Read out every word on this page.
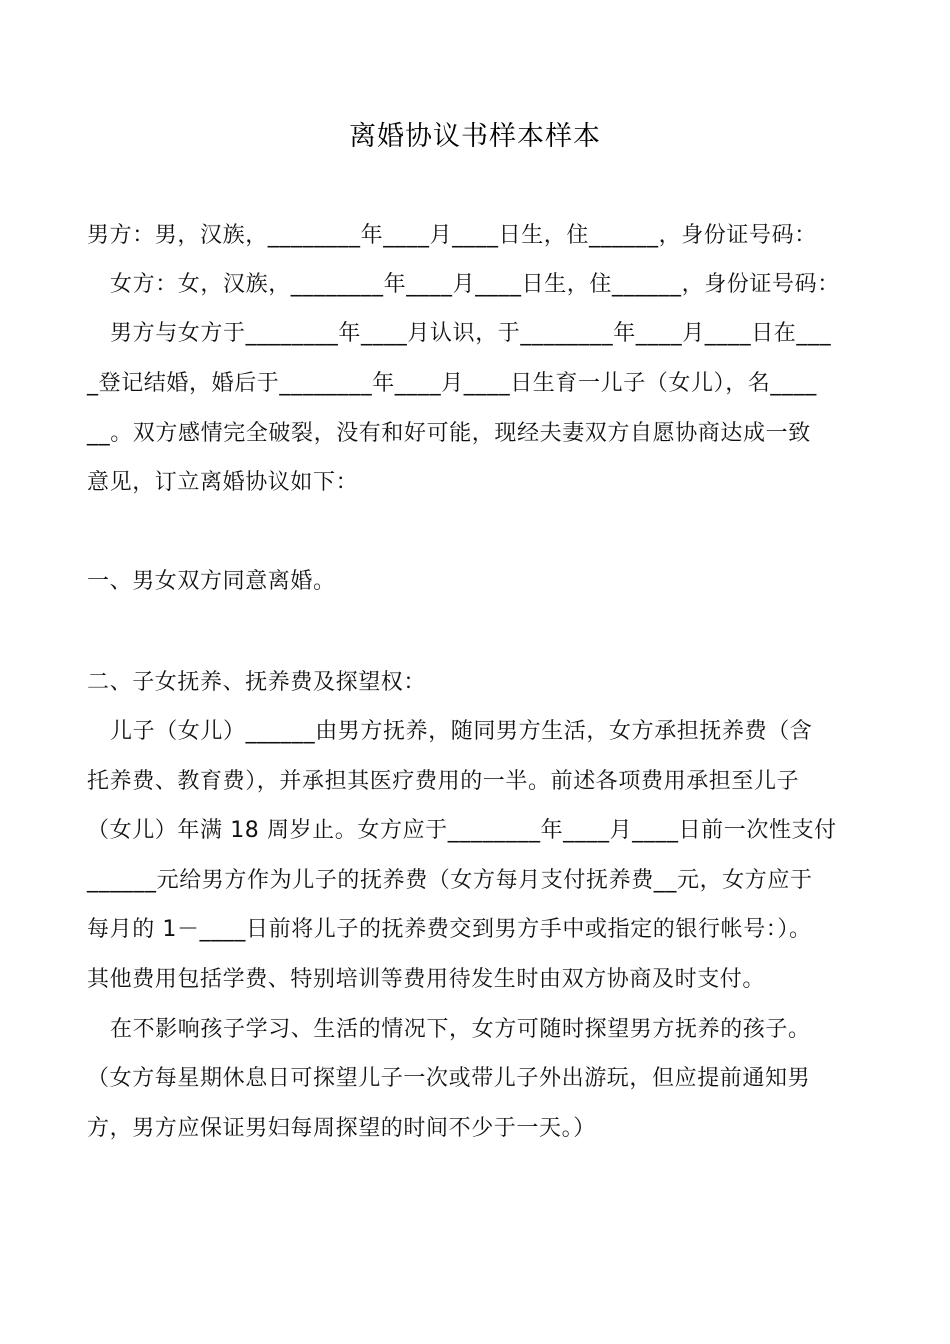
离婚协议书样本样本
男方：男，汉族，________年____月____日生，住______，身份证号码：
女方：女，汉族，________年____月____日生，住______，身份证号码：
男方与女方于________年____月认识，于________年____月____日在___
_登记结婚，婚后于________年____月____日生育一儿子（女儿），名____
__。双方感情完全破裂，没有和好可能，现经夫妻双方自愿协商达成一致
意见，订立离婚协议如下：
一、男女双方同意离婚。
二、子女抚养、抚养费及探望权：
儿子（女儿）______由男方抚养，随同男方生活，女方承担抚养费（含
托养费、教育费），并承担其医疗费用的一半。前述各项费用承担至儿子
（女儿）年满 18 周岁止。女方应于________年____月____日前一次性支付
______元给男方作为儿子的抚养费（女方每月支付抚养费__元，女方应于
每月的 1－____日前将儿子的抚养费交到男方手中或指定的银行帐号：）。
其他费用包括学费、特别培训等费用待发生时由双方协商及时支付。
在不影响孩子学习、生活的情况下，女方可随时探望男方抚养的孩子。
（女方每星期休息日可探望儿子一次或带儿子外出游玩，但应提前通知男
方，男方应保证男妇每周探望的时间不少于一天。）
